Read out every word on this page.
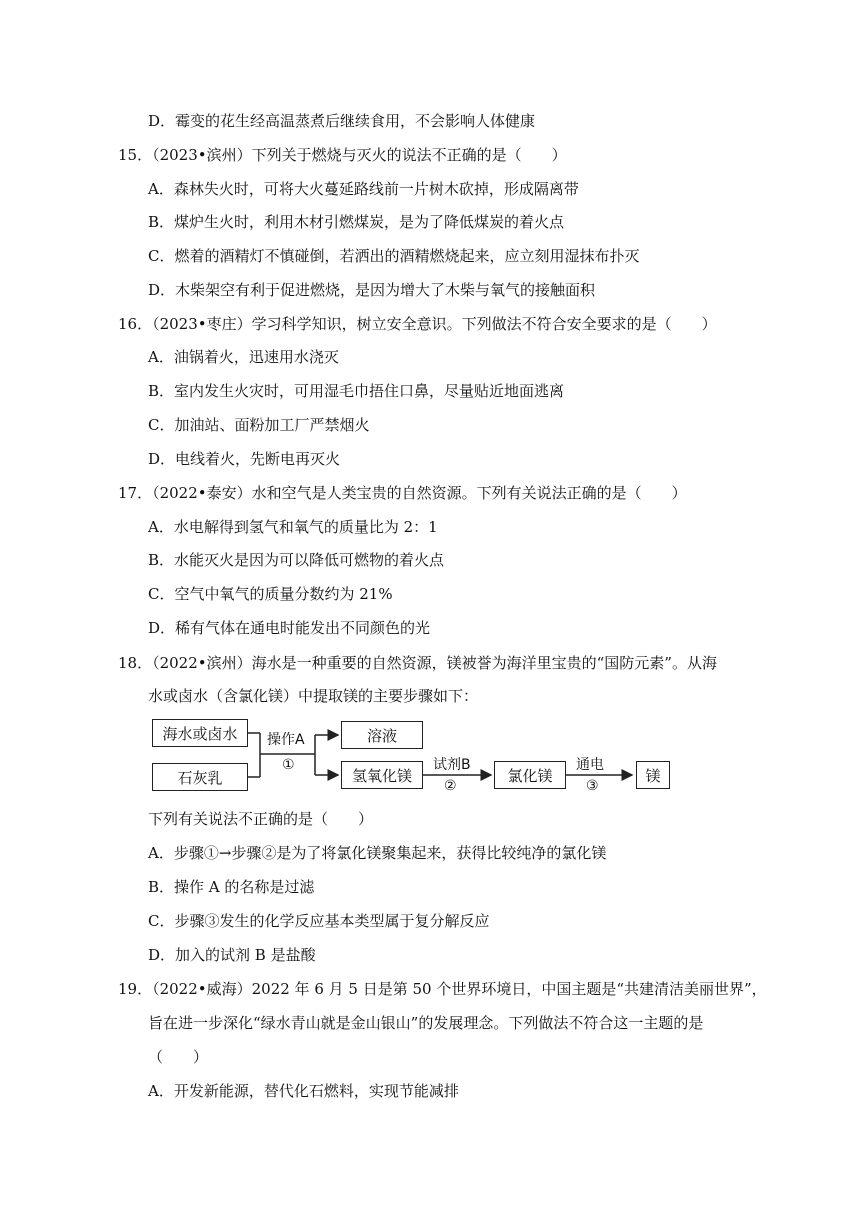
D．霉变的花生经高温蒸煮后继续食用，不会影响人体健康
15．（2023•滨州）下列关于燃烧与灭火的说法不正确的是（　　）
A．森林失火时，可将大火蔓延路线前一片树木砍掉，形成隔离带
B．煤炉生火时，利用木材引燃煤炭，是为了降低煤炭的着火点
C．燃着的酒精灯不慎碰倒，若洒出的酒精燃烧起来，应立刻用湿抹布扑灭
D．木柴架空有利于促进燃烧，是因为增大了木柴与氧气的接触面积
16．（2023•枣庄）学习科学知识，树立安全意识。下列做法不符合安全要求的是（　　）
A．油锅着火，迅速用水浇灭
B．室内发生火灾时，可用湿毛巾捂住口鼻，尽量贴近地面逃离
C．加油站、面粉加工厂严禁烟火
D．电线着火，先断电再灭火
17．（2022•泰安）水和空气是人类宝贵的自然资源。下列有关说法正确的是（　　）
A．水电解得到氢气和氧气的质量比为 2：1
B．水能灭火是因为可以降低可燃物的着火点
C．空气中氧气的质量分数约为 21%
D．稀有气体在通电时能发出不同颜色的光
18．（2022•滨州）海水是一种重要的自然资源，镁被誉为海洋里宝贵的“国防元素”。从海
水或卤水（含氯化镁）中提取镁的主要步骤如下：
海水或卤水
石灰乳
操作A
①
溶液
氢氧化镁
试剂B
②
氯化镁
通电
③
镁
下列有关说法不正确的是（　　）
A．步骤①→步骤②是为了将氯化镁聚集起来，获得比较纯净的氯化镁
B．操作 A 的名称是过滤
C．步骤③发生的化学反应基本类型属于复分解反应
D．加入的试剂 B 是盐酸
19．（2022•威海）2022 年 6 月 5 日是第 50 个世界环境日，中国主题是“共建清洁美丽世界”，
旨在进一步深化“绿水青山就是金山银山”的发展理念。下列做法不符合这一主题的是
（　　）
A．开发新能源，替代化石燃料，实现节能减排
